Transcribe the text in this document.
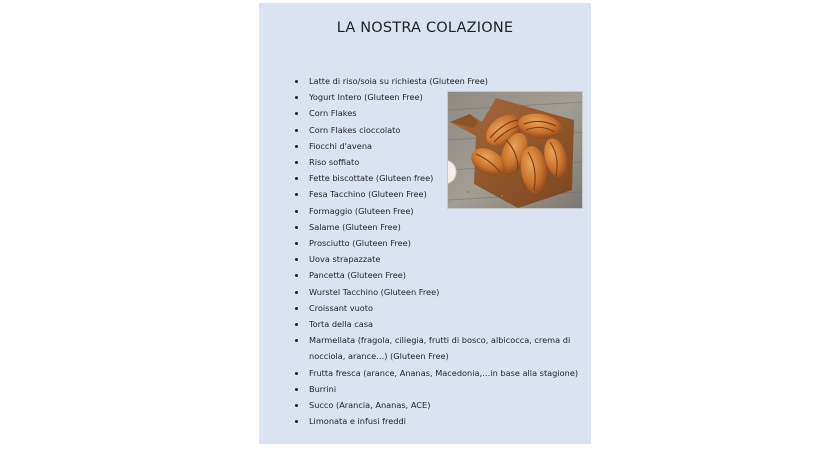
LA NOSTRA COLAZIONE
• Latte di riso/soia su richiesta (Gluteen Free)
• Yogurt Intero (Gluteen Free)
• Corn Flakes
• Corn Flakes cioccolato
• Fiocchi d'avena
• Riso soffiato
• Fette biscottate (Gluteen free)
• Fesa Tacchino (Gluteen Free)
• Formaggio (Gluteen Free)
• Salame (Gluteen Free)
• Prosciutto (Gluteen Free)
• Uova strapazzate
• Pancetta (Gluteen Free)
• Wurstel Tacchino (Gluteen Free)
• Croissant vuoto
• Torta della casa
• Marmellata (fragola, ciliegia, frutti di bosco, albicocca, crema di nocciola, arance…) (Gluteen Free)
• Frutta fresca (arance, Ananas, Macedonia,…in base alla stagione)
• Burrini
• Succo (Arancia, Ananas, ACE)
• Limonata e infusi freddi
